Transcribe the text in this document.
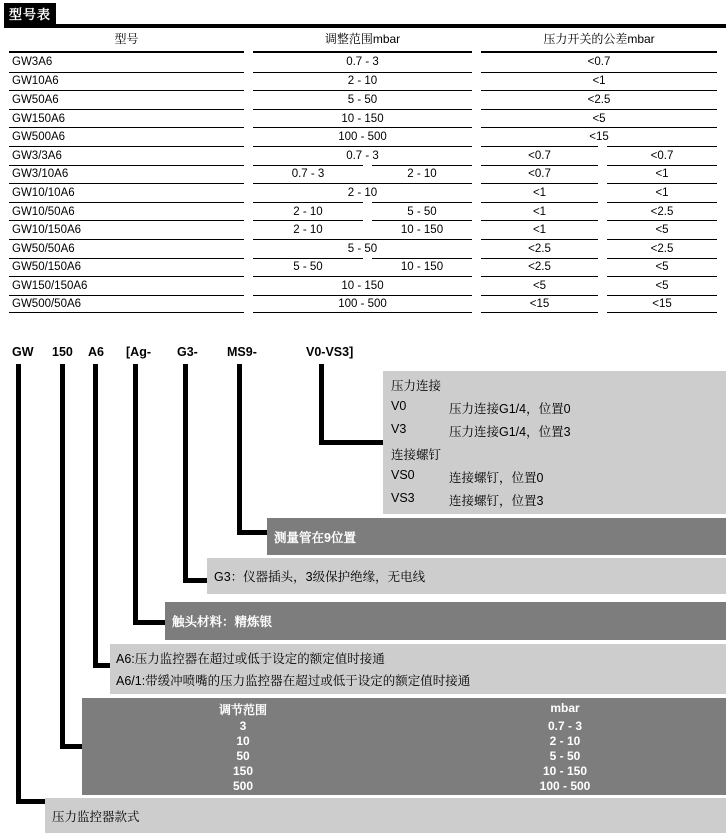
型号表
型号	调整范围mbar		压力开关的公差mbar	
GW3A6	0.7 - 3		<0.7	
GW10A6	2 - 10		<1	
GW50A6	5 - 50		<2.5	
GW150A6	10 - 150		<5	
GW500A6	100 - 500		<15	
GW3/3A6	0.7 - 3		<0.7	<0.7
GW3/10A6	0.7 - 3	2 - 10	<0.7	<1
GW10/10A6	2 - 10		<1	<1
GW10/50A6	2 - 10	5 - 50	<1	<2.5
GW10/150A6	2 - 10	10 - 150	<1	<5
GW50/50A6	5 - 50		<2.5	<2.5
GW50/150A6	5 - 50	10 - 150	<2.5	<5
GW150/150A6	10 - 150		<5	<5
GW500/50A6	100 - 500		<15	<15
GW 150 A6 [Ag- G3- MS9-	V0-VS3]
压力连接
V0	压力连接G1/4，位置0
V3	压力连接G1/4，位置3
连接螺钉
VS0	连接螺钉，位置0
VS3	连接螺钉，位置3
测量管在9位置
G3：仪器插头，3级保护绝缘，无电线
触头材料：精炼银
A6:压力监控器在超过或低于设定的额定值时接通
A6/1:带缓冲喷嘴的压力监控器在超过或低于设定的额定值时接通
调节范围	mbar
3	0.7 - 3
10	2 - 10
50	5 - 50
150	10 - 150
500	100 - 500
压力监控器款式
